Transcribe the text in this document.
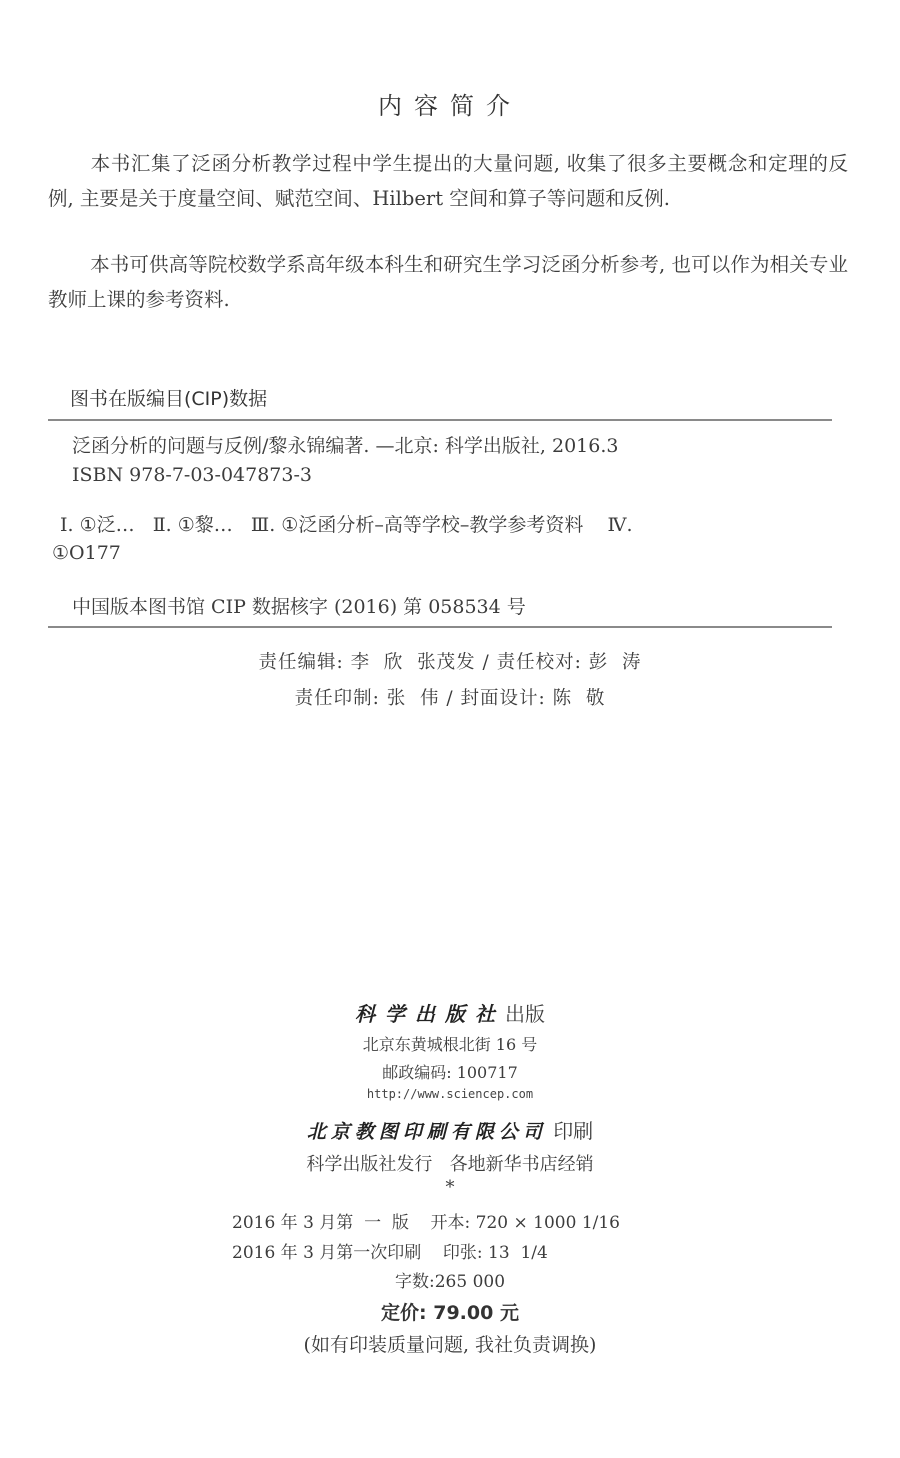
内容简介
本书汇集了泛函分析教学过程中学生提出的大量问题, 收集了很多主要概念和定理的反例, 主要是关于度量空间、赋范空间、Hilbert 空间和算子等问题和反例.
本书可供高等院校数学系高年级本科生和研究生学习泛函分析参考, 也可以作为相关专业教师上课的参考资料.
图书在版编目(CIP)数据
泛函分析的问题与反例/黎永锦编著. —北京: 科学出版社, 2016.3
ISBN 978-7-03-047873-3
Ⅰ. ①泛…   Ⅱ. ①黎…   Ⅲ. ①泛函分析–高等学校–教学参考资料    Ⅳ.
①O177
中国版本图书馆 CIP 数据核字 (2016) 第 058534 号
责任编辑: 李  欣  张茂发 / 责任校对: 彭  涛
责任印制: 张  伟 / 封面设计: 陈  敬
科学出版社出版
北京东黄城根北街 16 号
邮政编码: 100717
http://www.sciencep.com
北京教图印刷有限公司 印刷
科学出版社发行   各地新华书店经销
*
2016 年 3 月第  一  版    开本: 720 × 1000 1/16
2016 年 3 月第一次印刷    印张: 13  1/4
字数:265 000
定价: 79.00 元
(如有印装质量问题, 我社负责调换)
